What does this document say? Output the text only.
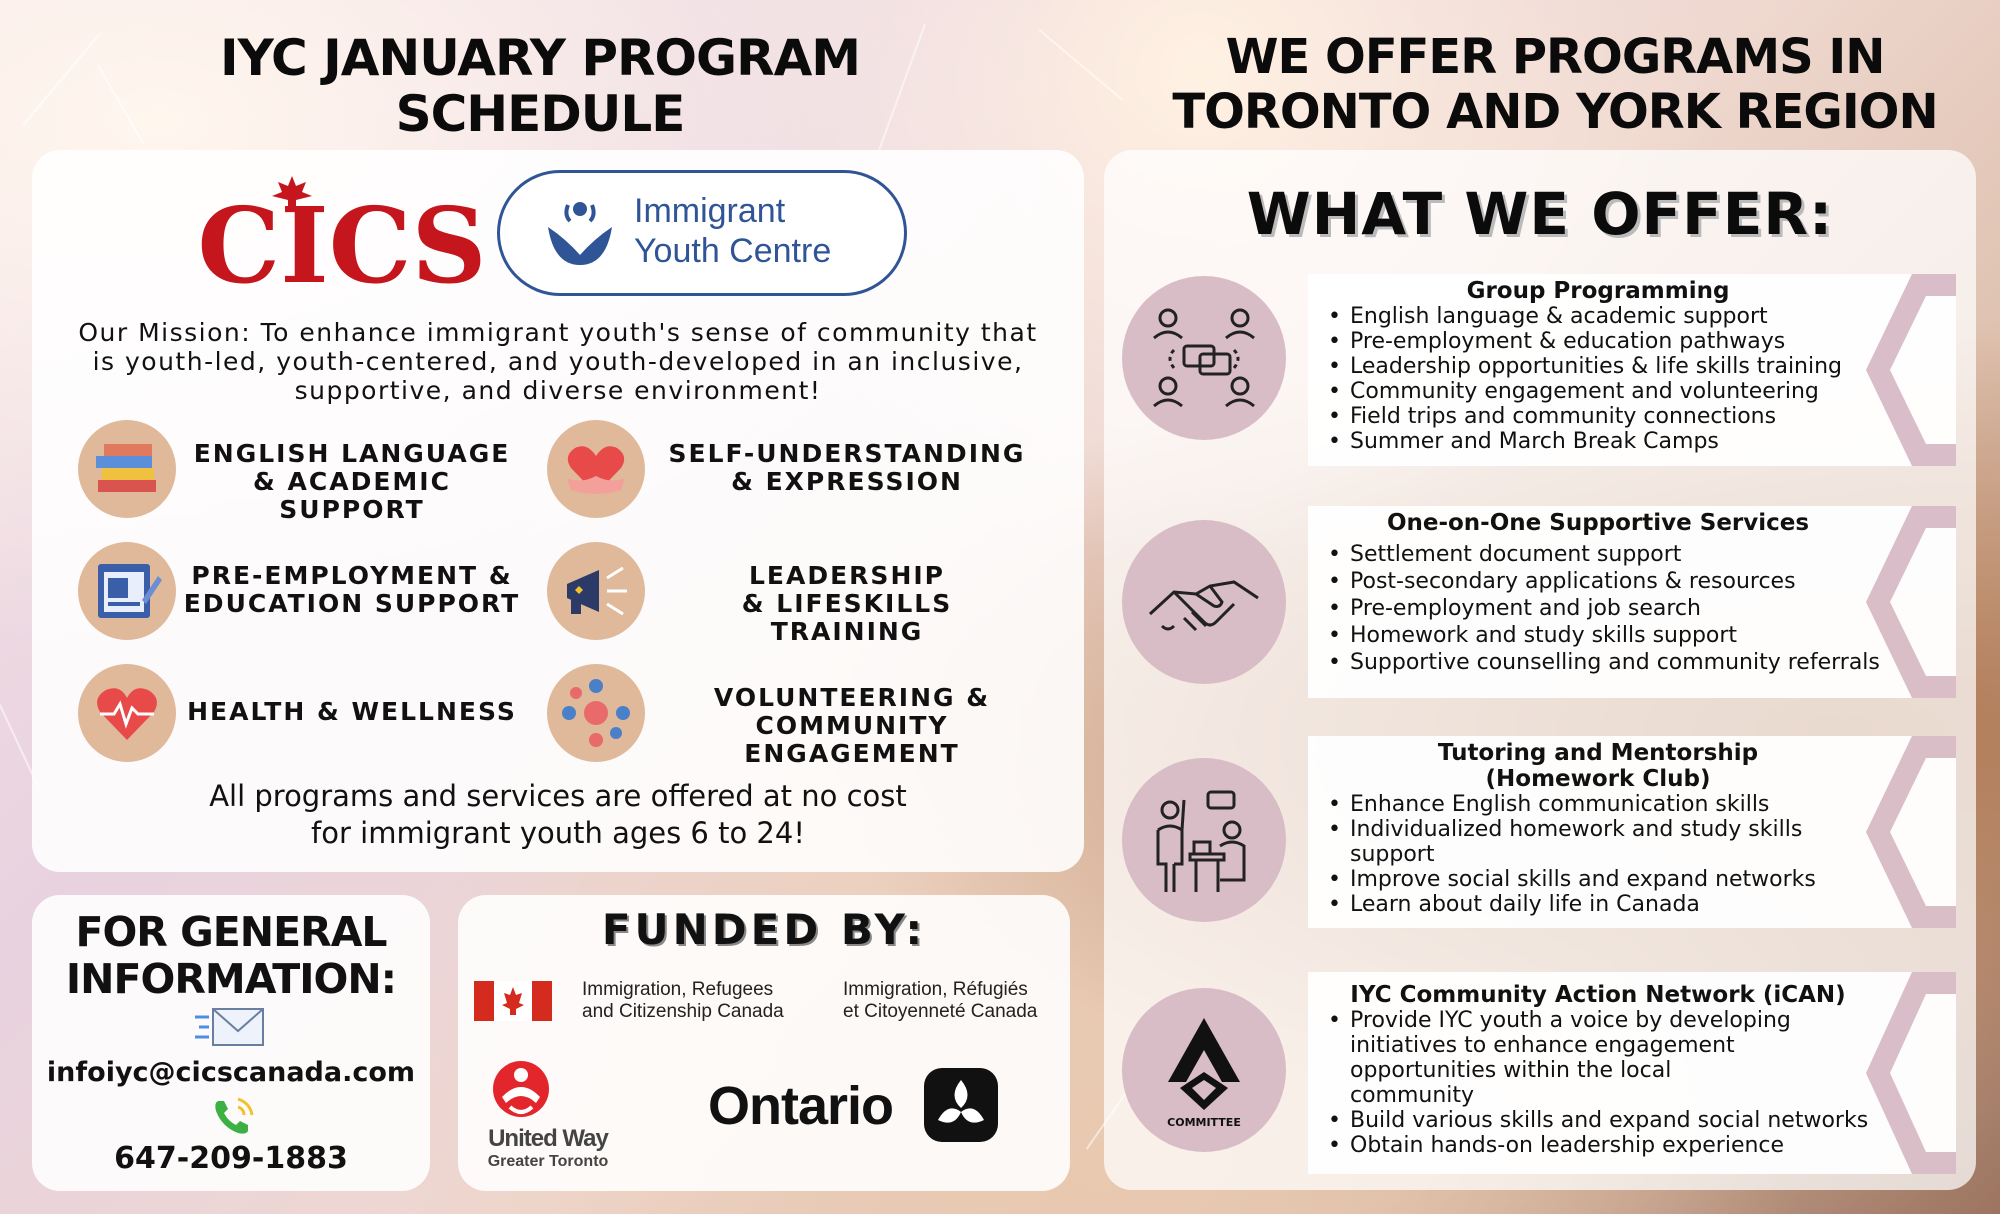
IYC JANUARY PROGRAM SCHEDULE
WE OFFER PROGRAMS IN TORONTO AND YORK REGION
CICS	Immigrant
Youth Centre
Our Mission: To enhance immigrant youth's sense of community that is youth-led, youth-centered, and youth-developed in an inclusive, supportive, and diverse environment!
ENGLISH LANGUAGE
& ACADEMIC SUPPORT
SELF-UNDERSTANDING
& EXPRESSION
PRE-EMPLOYMENT &
EDUCATION SUPPORT
LEADERSHIP
& LIFESKILLS TRAINING
HEALTH & WELLNESS	VOLUNTEERING &
COMMUNITY ENGAGEMENT
All programs and services are offered at no cost
for immigrant youth ages 6 to 24!
FOR GENERAL
INFORMATION:
infoiyc@cicscanada.com
647-209-1883
FUNDED BY:
Immigration, Refugees
and Citizenship Canada
Immigration, Réfugiés
et Citoyenneté Canada
United Way
Greater Toronto
Ontario
WHAT WE OFFER:
Group Programming
• English language & academic support
• Pre-employment & education pathways
• Leadership opportunities & life skills training
• Community engagement and volunteering
• Field trips and community connections
• Summer and March Break Camps
One-on-One Supportive Services
• Settlement document support
• Post-secondary applications & resources
• Pre-employment and job search
• Homework and study skills support
• Supportive counselling and community referrals
Tutoring and Mentorship
(Homework Club)
• Enhance English communication skills
• Individualized homework and study skills support
• Improve social skills and expand networks
• Learn about daily life in Canada
COMMITTEE
IYC Community Action Network (iCAN)
• Provide IYC youth a voice by developing initiatives to enhance engagement opportunities within the local community
• Build various skills and expand social networks
• Obtain hands-on leadership experience
